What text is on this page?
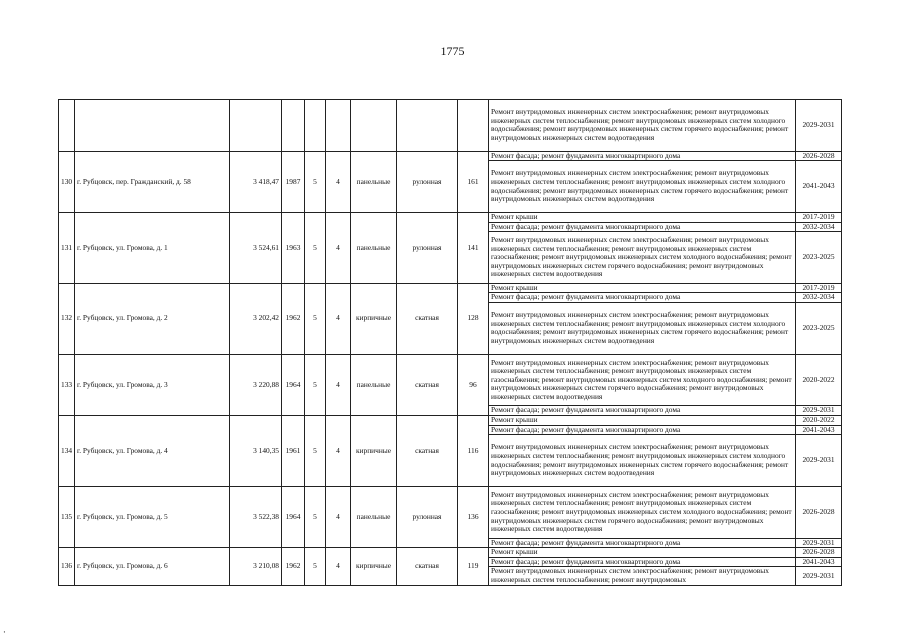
1775
									Ремонт внутридомовых инженерных систем электроснабжения; ремонт внутридомовых инженерных систем теплоснабжения; ремонт внутридомовых инженерных систем холодного водоснабжения; ремонт внутридомовых инженерных систем горячего водоснабжения; ремонт внутридомовых инженерных систем водоотведения	2029-2031
130	г. Рубцовск, пер. Гражданский, д. 58	3 418,47	1987	5	4	панельные	рулонная	161	Ремонт фасада; ремонт фундамента многоквартирного дома	2026-2028
									Ремонт внутридомовых инженерных систем электроснабжения; ремонт внутридомовых инженерных систем теплоснабжения; ремонт внутридомовых инженерных систем холодного водоснабжения; ремонт внутридомовых инженерных систем горячего водоснабжения; ремонт внутридомовых инженерных систем водоотведения	2041-2043
131	г. Рубцовск, ул. Громова, д. 1	3 524,61	1963	5	4	панельные	рулонная	141	Ремонт крыши	2017-2019
									Ремонт фасада; ремонт фундамента многоквартирного дома	2032-2034
									Ремонт внутридомовых инженерных систем электроснабжения; ремонт внутридомовых инженерных систем теплоснабжения; ремонт внутридомовых инженерных систем газоснабжения; ремонт внутридомовых инженерных систем холодного водоснабжения; ремонт внутридомовых инженерных систем горячего водоснабжения; ремонт внутридомовых инженерных систем водоотведения	2023-2025
132	г. Рубцовск, ул. Громова, д. 2	3 202,42	1962	5	4	кирпичные	скатная	128	Ремонт крыши	2017-2019
									Ремонт фасада; ремонт фундамента многоквартирного дома	2032-2034
									Ремонт внутридомовых инженерных систем электроснабжения; ремонт внутридомовых инженерных систем теплоснабжения; ремонт внутридомовых инженерных систем холодного водоснабжения; ремонт внутридомовых инженерных систем горячего водоснабжения; ремонт внутридомовых инженерных систем водоотведения	2023-2025
133	г. Рубцовск, ул. Громова, д. 3	3 220,88	1964	5	4	панельные	скатная	96	Ремонт внутридомовых инженерных систем электроснабжения; ремонт внутридомовых инженерных систем теплоснабжения; ремонт внутридомовых инженерных систем газоснабжения; ремонт внутридомовых инженерных систем холодного водоснабжения; ремонт внутридомовых инженерных систем горячего водоснабжения; ремонт внутридомовых инженерных систем водоотведения	2020-2022
									Ремонт фасада; ремонт фундамента многоквартирного дома	2029-2031
134	г. Рубцовск, ул. Громова, д. 4	3 140,35	1961	5	4	кирпичные	скатная	116	Ремонт крыши	2020-2022
									Ремонт фасада; ремонт фундамента многоквартирного дома	2041-2043
									Ремонт внутридомовых инженерных систем электроснабжения; ремонт внутридомовых инженерных систем теплоснабжения; ремонт внутридомовых инженерных систем холодного водоснабжения; ремонт внутридомовых инженерных систем горячего водоснабжения; ремонт внутридомовых инженерных систем водоотведения	2029-2031
135	г. Рубцовск, ул. Громова, д. 5	3 522,38	1964	5	4	панельные	рулонная	136	Ремонт внутридомовых инженерных систем электроснабжения; ремонт внутридомовых инженерных систем теплоснабжения; ремонт внутридомовых инженерных систем газоснабжения; ремонт внутридомовых инженерных систем холодного водоснабжения; ремонт внутридомовых инженерных систем горячего водоснабжения; ремонт внутридомовых инженерных систем водоотведения	2026-2028
									Ремонт фасада; ремонт фундамента многоквартирного дома	2029-2031
136	г. Рубцовск, ул. Громова, д. 6	3 210,08	1962	5	4	кирпичные	скатная	119	Ремонт крыши	2026-2028
									Ремонт фасада; ремонт фундамента многоквартирного дома	2041-2043
									Ремонт внутридомовых инженерных систем электроснабжения; ремонт внутридомовых инженерных систем теплоснабжения; ремонт внутридомовых	2029-2031
·
